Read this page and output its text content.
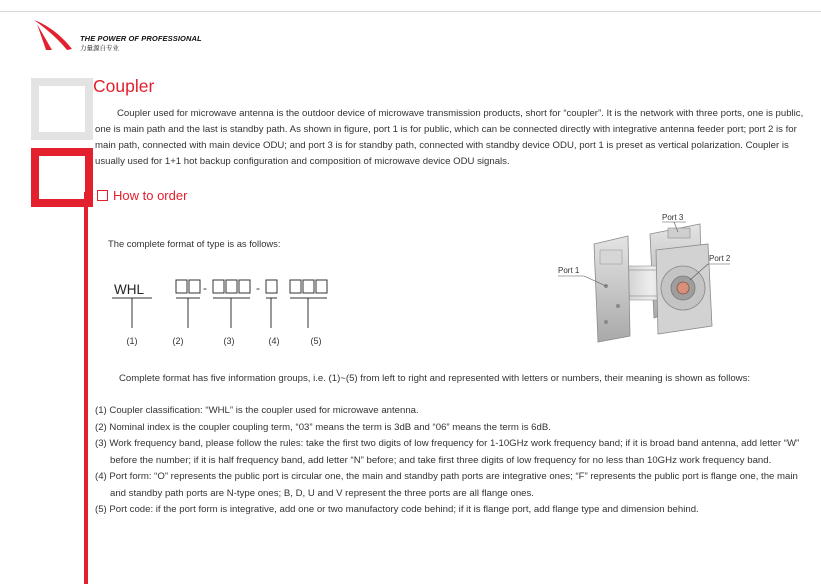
THE POWER OF PROFESSIONAL
力量源自专业
Coupler

Coupler used for microwave antenna is the outdoor device of microwave transmission products, short for “coupler”. It is the network with three ports, one is public, one is main path and the last is standby path. As shown in figure, port 1 is for public, which can be connected directly with integrative antenna feeder port; port 2 is for main path, connected with main device ODU; and port 3 is for standby path, connected with standby device ODU, port 1 is preset as vertical polarization. Coupler is usually used for 1+1 hot backup configuration and composition of microwave device ODU signals.

How to order
The complete format of type is as follows:
WHL	-	-
(1)	(2)	(3)	(4)	(5)
Port 1
Port 2
Port 3

Complete format has five information groups, i.e. (1)~(5) from left to right and represented with letters or numbers, their meaning is shown as follows:

(1) Coupler classification: “WHL” is the coupler used for microwave antenna.

(2) Nominal index is the coupler coupling term, “03” means the term is 3dB and “06” means the term is 6dB.

(3) Work frequency band, please follow the rules: take the first two digits of low frequency for 1-10GHz work frequency band; if it is broad band antenna, add letter “W” before the number; if it is half frequency band, add letter “N” before; and take first three digits of low frequency for no less than 10GHz work frequency band.

(4) Port form: “O” represents the public port is circular one, the main and standby path ports are integrative ones; “F” represents the public port is flange one, the main and standby path ports are N-type ones; B, D, U and V represent the three ports are all flange ones.

(5) Port code: if the port form is integrative, add one or two manufactory code behind; if it is flange port, add flange type and dimension behind.
